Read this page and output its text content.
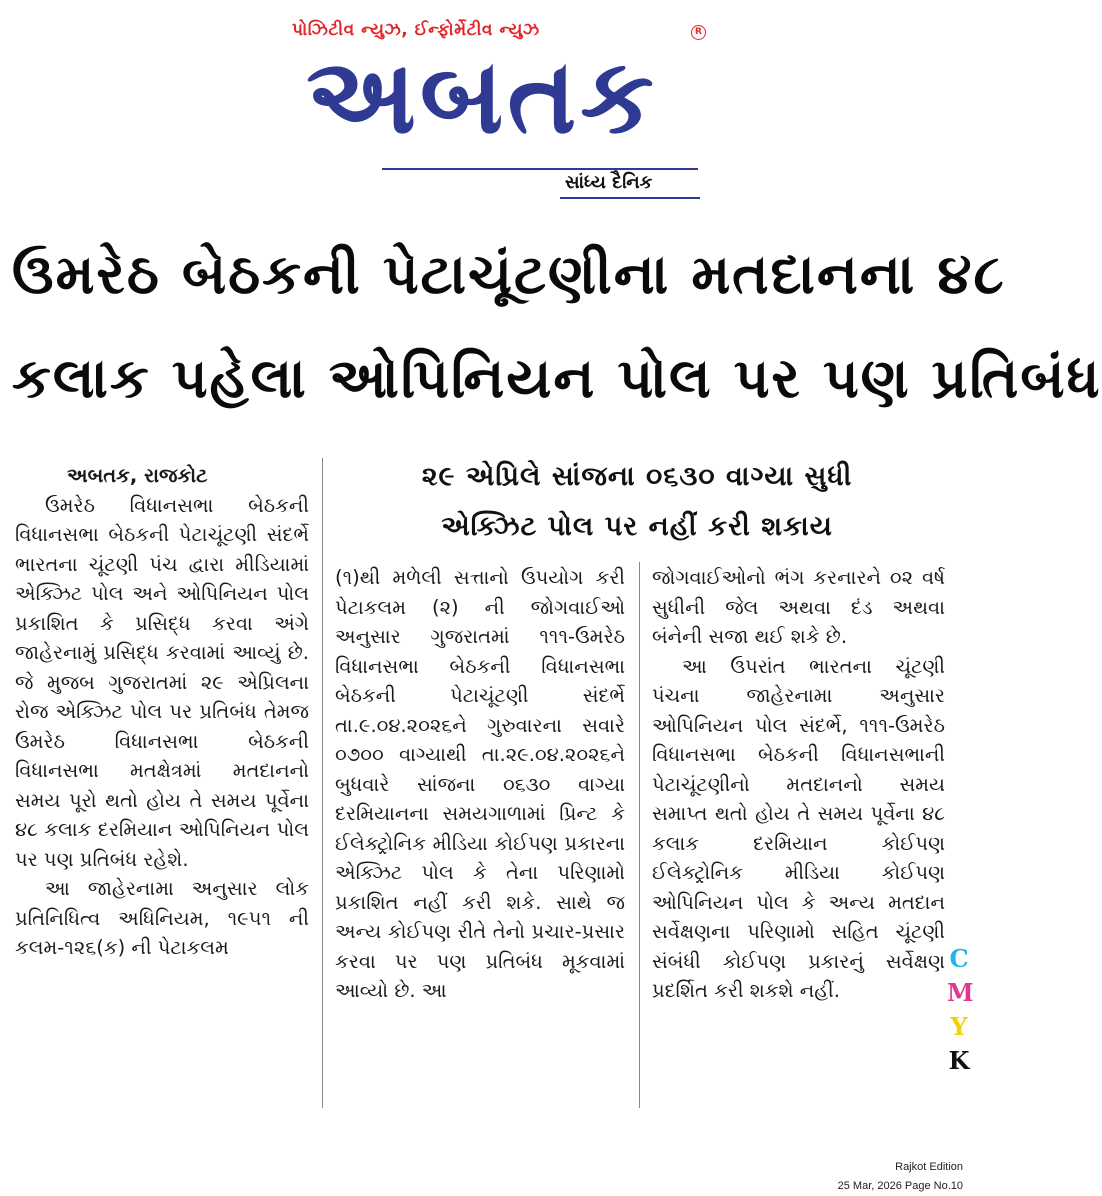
પોઝિટીવ ન્યુઝ, ઈન્ફોર્મેટીવ ન્યુઝ	R
અબતક
સાંધ્ય દૈનિક
ઉમરેઠ બેઠકની પેટાચૂંટણીના મતદાનના ૪૮
કલાક પહેલા ઓપિનિયન પોલ પર પણ પ્રતિબંધ

અબતક, રાજકોટ

ઉમરેઠ વિધાનસભા બેઠકની વિધાનસભા બેઠકની પેટાચૂંટણી સંદર્ભે ભારતના ચૂંટણી પંચ દ્વારા મીડિયામાં એક્ઝિટ પોલ અને ઓપિનિયન પોલ પ્રકાશિત કે પ્રસિદ્ધ કરવા અંગે જાહેરનામું પ્રસિદ્ધ કરવામાં આવ્યું છે. જે મુજબ ગુજરાતમાં ૨૯ એપ્રિલના રોજ એક્ઝિટ પોલ પર પ્રતિબંધ તેમજ ઉમરેઠ વિધાનસભા બેઠકની વિધાનસભા મતક્ષેત્રમાં મતદાનનો સમય પૂરો થતો હોય તે સમય પૂર્વેના ૪૮ કલાક દરમિયાન ઓપિનિયન પોલ પર પણ પ્રતિબંધ રહેશે.

આ જાહેરનામા અનુસાર લોક પ્રતિનિધિત્વ અધિનિયમ, ૧૯૫૧ ની કલમ-૧૨૬(ક) ની પેટાકલમ

૨૯ એપ્રિલે સાંજના ૦૬૩૦ વાગ્યા સુધી
એક્ઝિટ પોલ પર નહીં કરી શકાય

(૧)થી મળેલી સત્તાનો ઉપયોગ કરી પેટાકલમ (૨) ની જોગવાઈઓ અનુસાર ગુજરાતમાં ૧૧૧-ઉમરેઠ વિધાનસભા બેઠકની વિધાનસભા બેઠકની પેટાચૂંટણી સંદર્ભે તા.૯.૦૪.૨૦૨૬ને ગુરુવારના સવારે ૦૭૦૦ વાગ્યાથી તા.૨૯.૦૪.૨૦૨૬ને બુધવારે સાંજના ૦૬૩૦ વાગ્યા દરમિયાનના સમયગાળામાં પ્રિન્ટ કે ઈલેક્ટ્રોનિક મીડિયા કોઈપણ પ્રકારના એક્ઝિટ પોલ કે તેના પરિણામો પ્રકાશિત નહીં કરી શકે. સાથે જ અન્ય કોઈપણ રીતે તેનો પ્રચાર-પ્રસાર કરવા પર પણ પ્રતિબંધ મૂકવામાં આવ્યો છે. આ

જોગવાઈઓનો ભંગ કરનારને ૦૨ વર્ષ સુધીની જેલ અથવા દંડ અથવા બંનેની સજા થઈ શકે છે.

આ ઉપરાંત ભારતના ચૂંટણી પંચના જાહેરનામા અનુસાર ઓપિનિયન પોલ સંદર્ભે, ૧૧૧-ઉમરેઠ વિધાનસભા બેઠકની વિધાનસભાની પેટાચૂંટણીનો મતદાનનો સમય સમાપ્ત થતો હોય તે સમય પૂર્વેના ૪૮ કલાક દરમિયાન કોઈપણ ઈલેક્ટ્રોનિક મીડિયા કોઈપણ ઓપિનિયન પોલ કે અન્ય મતદાન સર્વેક્ષણના પરિણામો સહિત ચૂંટણી સંબંધી કોઈપણ પ્રકારનું સર્વેક્ષણ પ્રદર્શિત કરી શકશે નહીં.

C
M
Y
K
Rajkot Edition
25 Mar, 2026 Page No.10
